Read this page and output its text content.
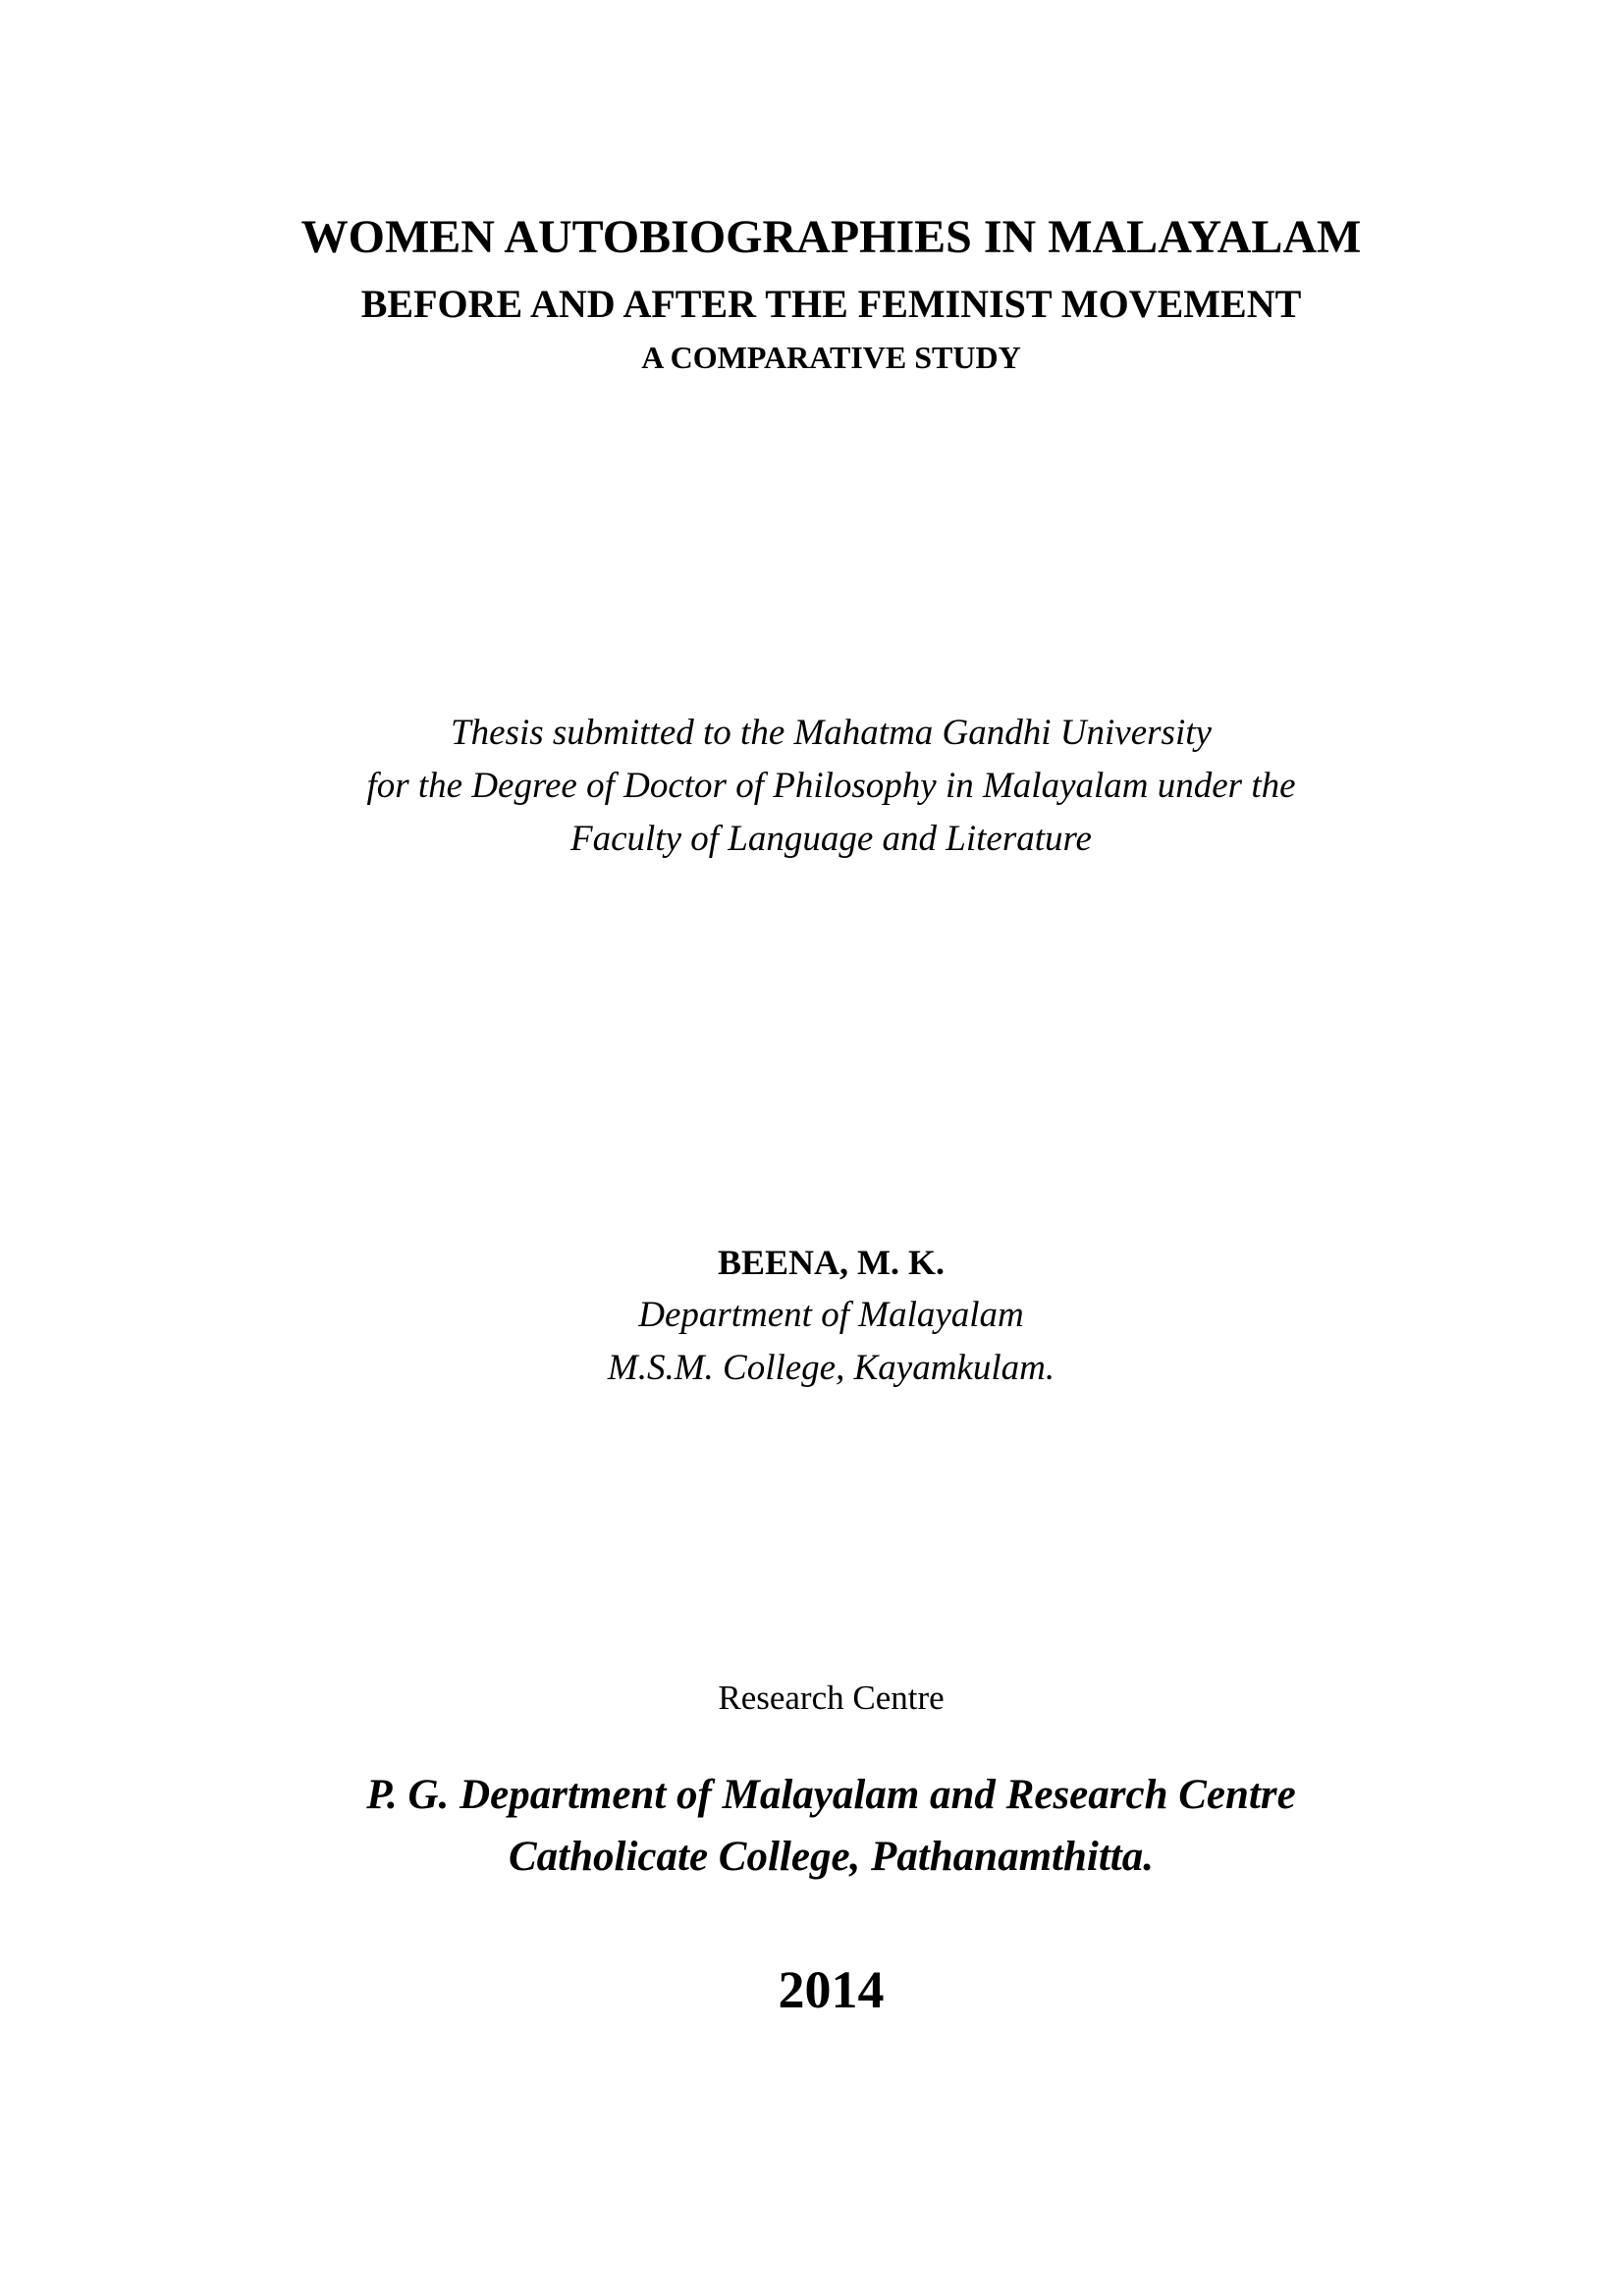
WOMEN AUTOBIOGRAPHIES IN MALAYALAM

BEFORE AND AFTER THE FEMINIST MOVEMENT

A COMPARATIVE STUDY

Thesis submitted to the Mahatma Gandhi University

for the Degree of Doctor of Philosophy in Malayalam under the

Faculty of Language and Literature

BEENA, M. K.

Department of Malayalam

M.S.M. College, Kayamkulam.

Research Centre

P. G. Department of Malayalam and Research Centre

Catholicate College, Pathanamthitta.

2014
